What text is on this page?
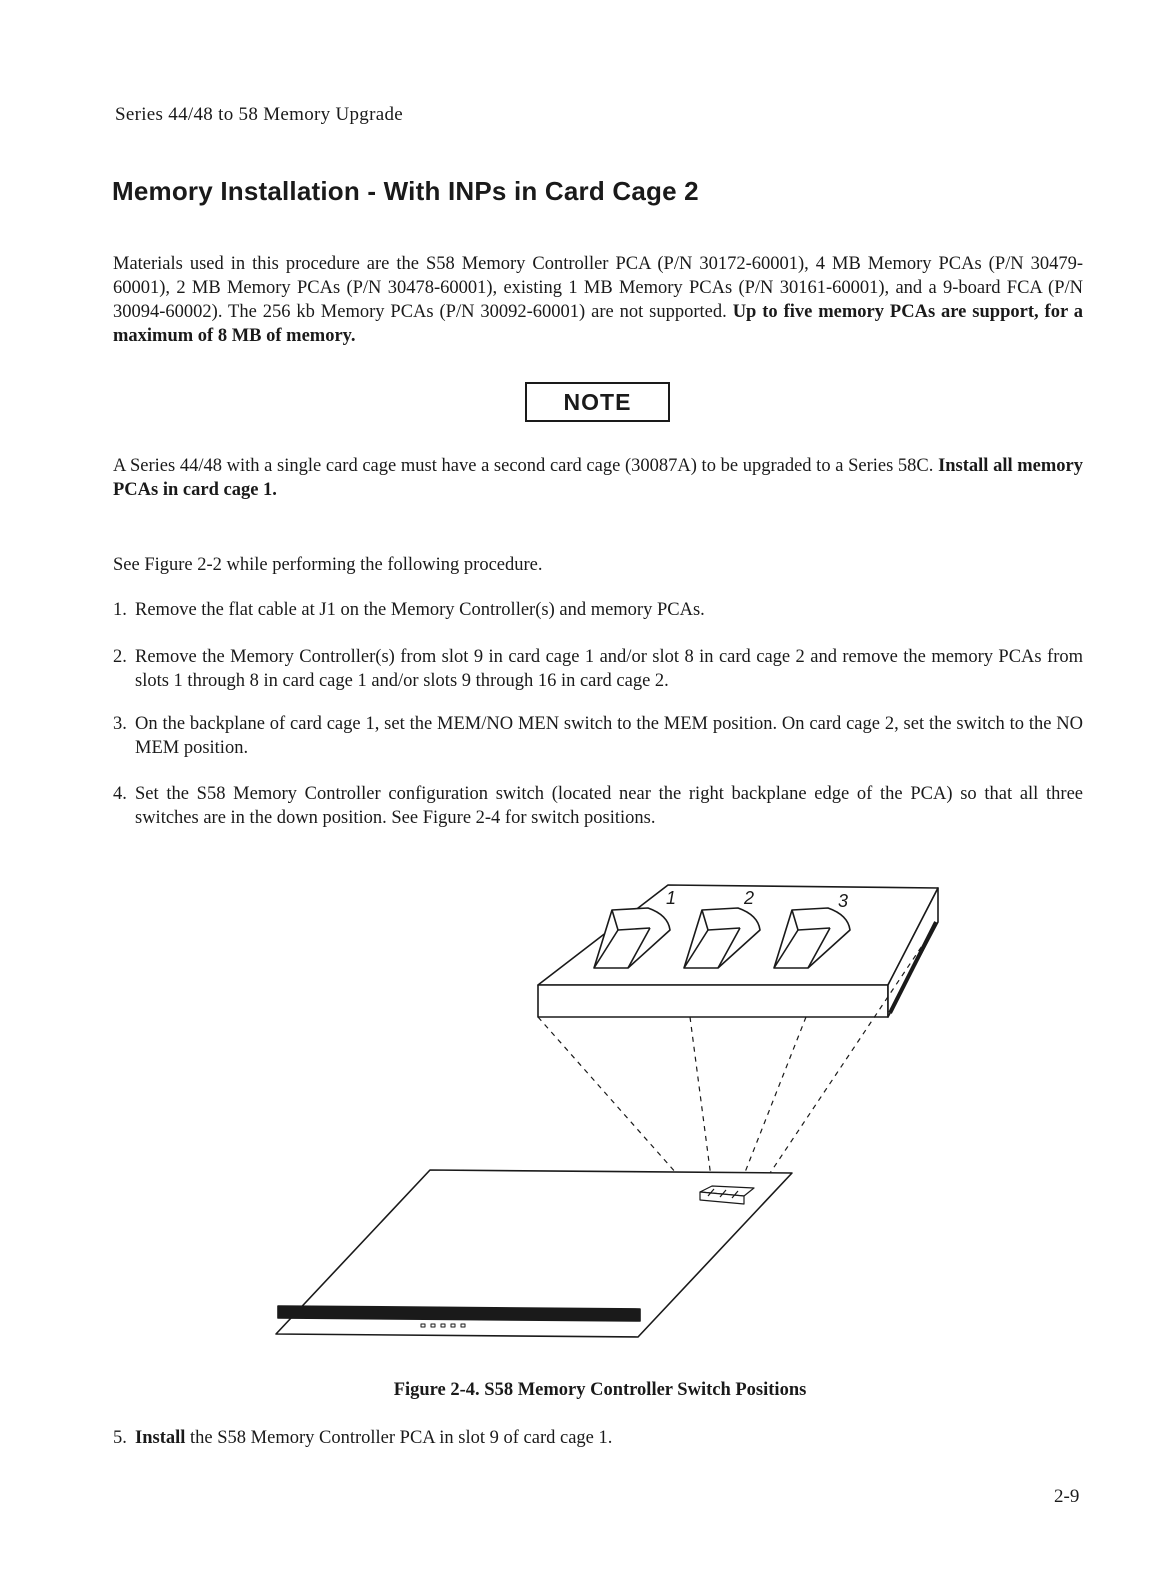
Series 44/48 to 58 Memory Upgrade
Memory Installation - With INPs in Card Cage 2
Materials used in this procedure are the S58 Memory Controller PCA (P/N 30172-60001), 4 MB Memory PCAs (P/N 30479-60001), 2 MB Memory PCAs (P/N 30478-60001), existing 1 MB Memory PCAs (P/N 30161-60001), and a 9-board FCA (P/N 30094-60002). The 256 kb Memory PCAs (P/N 30092-60001) are not supported. Up to five memory PCAs are support, for a maximum of 8 MB of memory.
NOTE
A Series 44/48 with a single card cage must have a second card cage (30087A) to be upgraded to a Series 58C. Install all memory PCAs in card cage 1.
See Figure 2-2 while performing the following procedure.
1. Remove the flat cable at J1 on the Memory Controller(s) and memory PCAs.
2. Remove the Memory Controller(s) from slot 9 in card cage 1 and/or slot 8 in card cage 2 and remove the memory PCAs from slots 1 through 8 in card cage 1 and/or slots 9 through 16 in card cage 2.
3. On the backplane of card cage 1, set the MEM/NO MEN switch to the MEM position. On card cage 2, set the switch to the NO MEM position.
4. Set the S58 Memory Controller configuration switch (located near the right backplane edge of the PCA) so that all three switches are in the down position. See Figure 2-4 for switch positions.
1	2	3
Figure 2-4. S58 Memory Controller Switch Positions
5. Install the S58 Memory Controller PCA in slot 9 of card cage 1.
2-9
